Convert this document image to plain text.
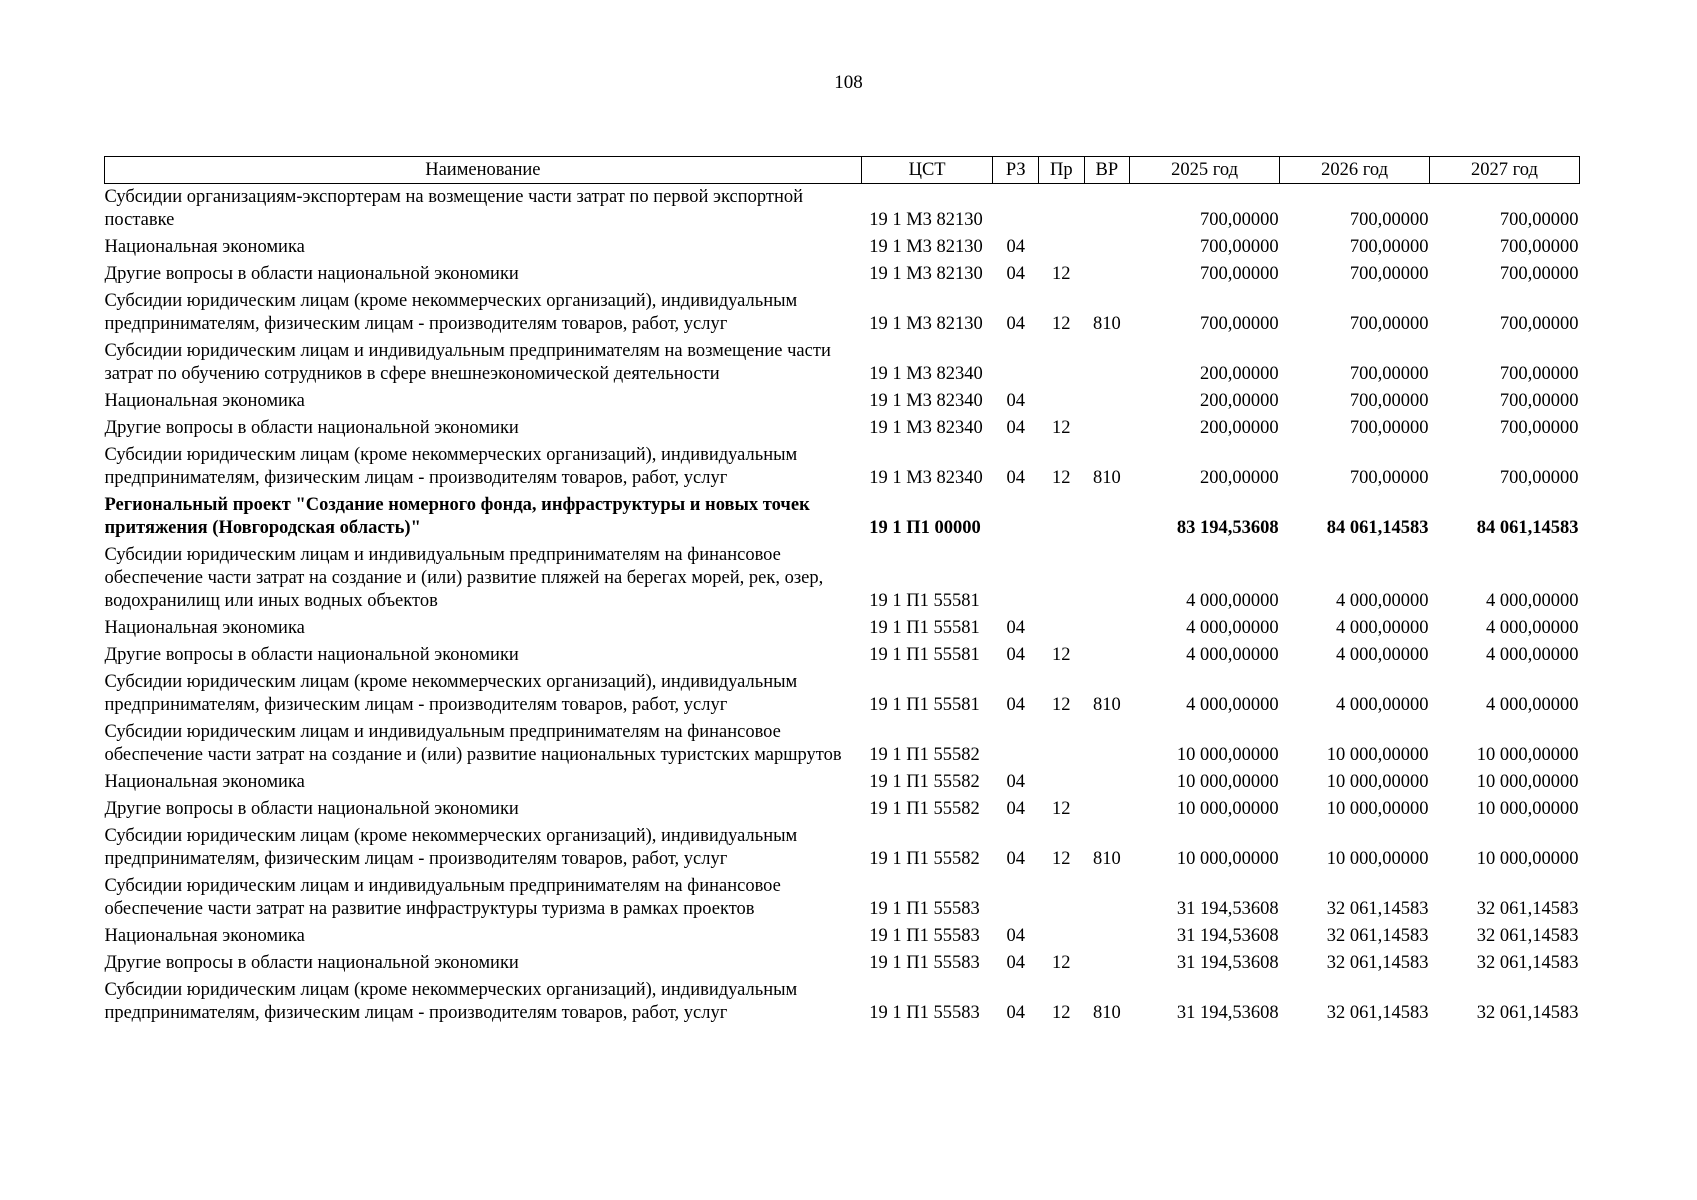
108
Наименование	ЦСТ	РЗ	Пр	ВР	2025 год	2026 год	2027 год
Субсидии организациям-экспортерам на возмещение части затрат по первой экспортной поставке	19 1 М3 82130				700,00000	700,00000	700,00000
Национальная экономика	19 1 М3 82130	04			700,00000	700,00000	700,00000
Другие вопросы в области национальной экономики	19 1 М3 82130	04	12		700,00000	700,00000	700,00000
Субсидии юридическим лицам (кроме некоммерческих организаций), индивидуальным предпринимателям, физическим лицам - производителям товаров, работ, услуг	19 1 М3 82130	04	12	810	700,00000	700,00000	700,00000
Субсидии юридическим лицам и индивидуальным предпринимателям на возмещение части затрат по обучению сотрудников в сфере внешнеэкономической деятельности	19 1 М3 82340				200,00000	700,00000	700,00000
Национальная экономика	19 1 М3 82340	04			200,00000	700,00000	700,00000
Другие вопросы в области национальной экономики	19 1 М3 82340	04	12		200,00000	700,00000	700,00000
Субсидии юридическим лицам (кроме некоммерческих организаций), индивидуальным предпринимателям, физическим лицам - производителям товаров, работ, услуг	19 1 М3 82340	04	12	810	200,00000	700,00000	700,00000
Региональный проект "Создание номерного фонда, инфраструктуры и новых точек притяжения (Новгородская область)"	19 1 П1 00000				83 194,53608	84 061,14583	84 061,14583
Субсидии юридическим лицам и индивидуальным предпринимателям на финансовое обеспечение части затрат на создание и (или) развитие пляжей на берегах морей, рек, озер, водохранилищ или иных водных объектов	19 1 П1 55581				4 000,00000	4 000,00000	4 000,00000
Национальная экономика	19 1 П1 55581	04			4 000,00000	4 000,00000	4 000,00000
Другие вопросы в области национальной экономики	19 1 П1 55581	04	12		4 000,00000	4 000,00000	4 000,00000
Субсидии юридическим лицам (кроме некоммерческих организаций), индивидуальным предпринимателям, физическим лицам - производителям товаров, работ, услуг	19 1 П1 55581	04	12	810	4 000,00000	4 000,00000	4 000,00000
Субсидии юридическим лицам и индивидуальным предпринимателям на финансовое обеспечение части затрат на создание и (или) развитие национальных туристских маршрутов	19 1 П1 55582				10 000,00000	10 000,00000	10 000,00000
Национальная экономика	19 1 П1 55582	04			10 000,00000	10 000,00000	10 000,00000
Другие вопросы в области национальной экономики	19 1 П1 55582	04	12		10 000,00000	10 000,00000	10 000,00000
Субсидии юридическим лицам (кроме некоммерческих организаций), индивидуальным предпринимателям, физическим лицам - производителям товаров, работ, услуг	19 1 П1 55582	04	12	810	10 000,00000	10 000,00000	10 000,00000
Субсидии юридическим лицам и индивидуальным предпринимателям на финансовое обеспечение части затрат на развитие инфраструктуры туризма в рамках проектов	19 1 П1 55583				31 194,53608	32 061,14583	32 061,14583
Национальная экономика	19 1 П1 55583	04			31 194,53608	32 061,14583	32 061,14583
Другие вопросы в области национальной экономики	19 1 П1 55583	04	12		31 194,53608	32 061,14583	32 061,14583
Субсидии юридическим лицам (кроме некоммерческих организаций), индивидуальным предпринимателям, физическим лицам - производителям товаров, работ, услуг	19 1 П1 55583	04	12	810	31 194,53608	32 061,14583	32 061,14583
